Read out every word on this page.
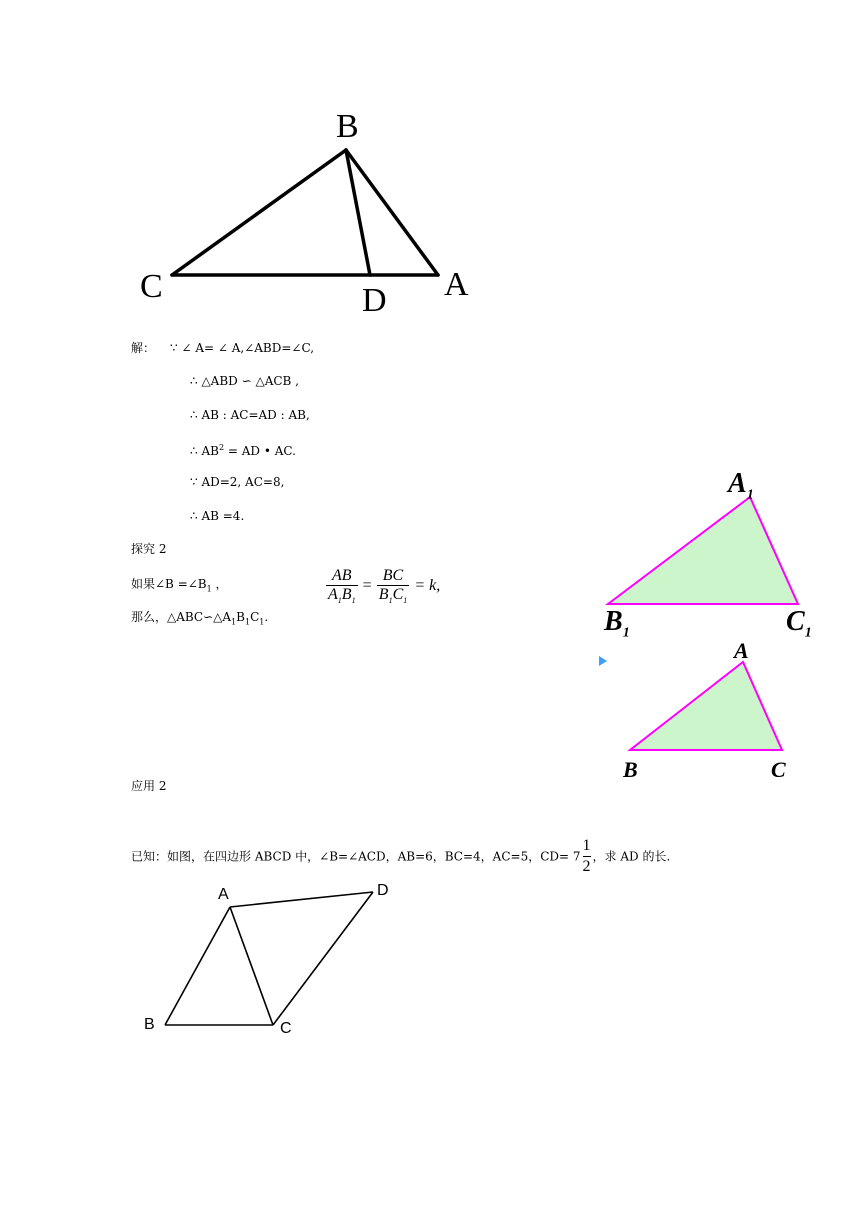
B
C	D A
解： ∵ ∠ A= ∠ A,∠ABD=∠C,
∴ △ABD ∽ △ACB ,
∴ AB : AC=AD : AB,
∴ $AB^2$ = AD • AC.
∵ AD=2, AC=8,
∴ AB =4.
探究 2
如果∠B $=\angle B_1$ ，
那么，$\triangle ABC∽\triangle A_1B_1C_1$.
$\frac{AB}{A_1B_1} = \frac{BC}{B_1C_1} = k$,
$A_1$
$B_1$	$C_1$
A
B	C
应用 2
已知：如图，在四边形 ABCD 中，∠B=∠ACD，AB=6，BC=4，AC=5，$CD= 7 \frac{1}{2}$ ，求 AD 的长.
A
B	C
D
